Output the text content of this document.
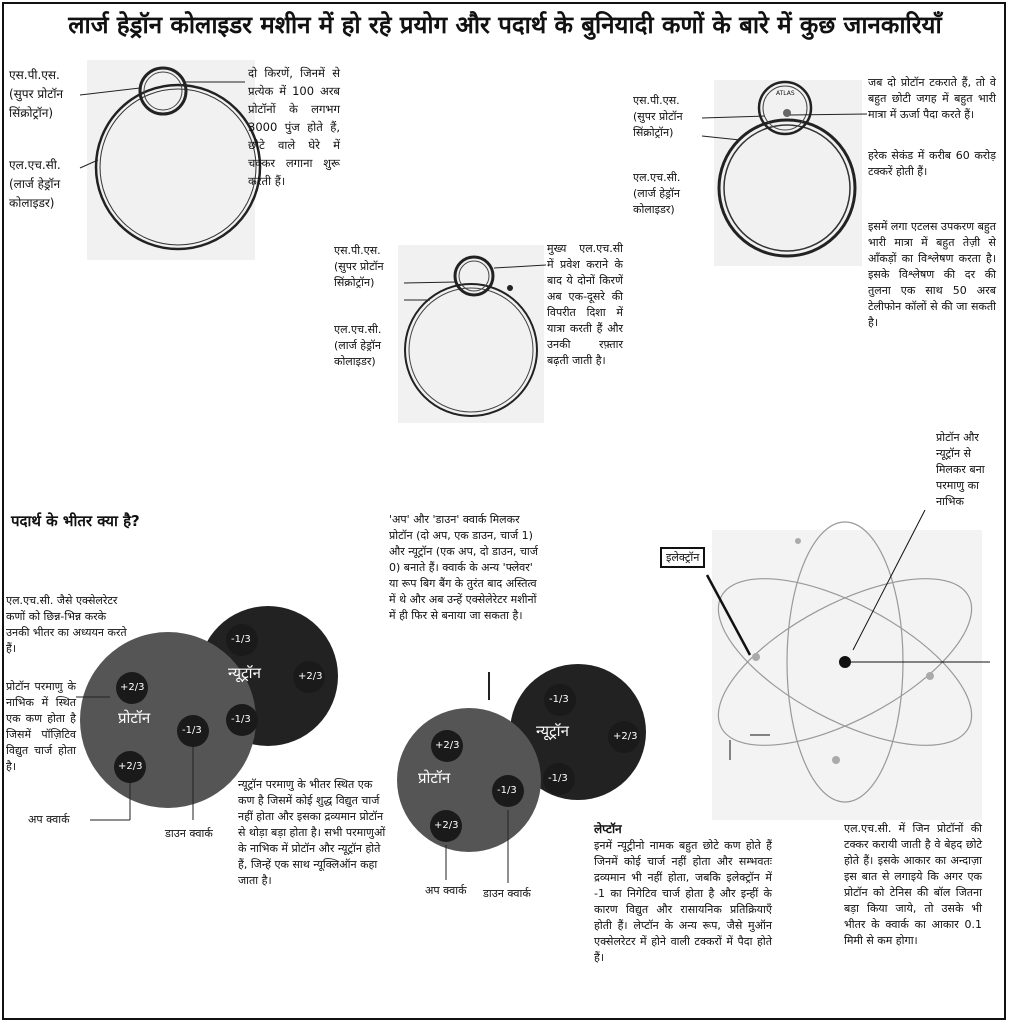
लार्ज हेड्रॉन कोलाइडर मशीन में हो रहे प्रयोग और पदार्थ के बुनियादी कणों के बारे में कुछ जानकारियाँ
एस.पी.एस.
(सुपर प्रोटॉन
सिंक्रोट्रॉन)
एल.एच.सी.
(लार्ज हेड्रॉन
कोलाइडर)
दो किरणें, जिनमें से प्रत्येक में 100 अरब प्रोटॉनों के लगभग 3000 पुंज होते हैं, छोटे वाले घेरे में चक्कर लगाना शुरू करती हैं।
एस.पी.एस.
(सुपर प्रोटॉन
सिंक्रोट्रॉन)
एल.एच.सी.
(लार्ज हेड्रॉन
कोलाइडर)
मुख्य एल.एच.सी में प्रवेश कराने के बाद ये दोनों किरणें अब एक-दूसरे की विपरीत दिशा में यात्रा करती हैं और उनकी रफ़्तार बढ़ती जाती है।
ATLAS
एस.पी.एस.
(सुपर प्रोटॉन
सिंक्रोट्रॉन)
एल.एच.सी.
(लार्ज हेड्रॉन
कोलाइडर)
जब दो प्रोटॉन टकराते हैं, तो वे बहुत छोटी जगह में बहुत भारी मात्रा में ऊर्जा पैदा करते हैं।
हरेक सेकंड में करीब 60 करोड़ टक्करें होती हैं।
इसमें लगा एटलस उपकरण बहुत भारी मात्रा में बहुत तेज़ी से आँकड़ों का विश्लेषण करता है। इसके विश्लेषण की दर की तुलना एक साथ 50 अरब टेलीफोन कॉलों से की जा सकती है।
पदार्थ के भीतर क्या है?
एल.एच.सी. जैसे एक्सेलरेटर कणों को छिन्न-भिन्न करके उनकी भीतर का अध्ययन करते हैं।
प्रोटॉन परमाणु के नाभिक में स्थित एक कण होता है जिसमें पॉज़िटिव विद्युत चार्ज होता है।
न्यूट्रॉन परमाणु के भीतर स्थित एक कण है जिसमें कोई शुद्ध विद्युत चार्ज नहीं होता और इसका द्रव्यमान प्रोटॉन से थोड़ा बड़ा होता है। सभी परमाणुओं के नाभिक में प्रोटॉन और न्यूट्रॉन होते हैं, जिन्हें एक साथ न्यूक्लिऑन कहा जाता है।
न्यूट्रॉन
प्रोटॉन
-1/3
-1/3
+2/3
+2/3
+2/3
-1/3
अप क्वार्क
डाउन क्वार्क
'अप' और 'डाउन' क्वार्क मिलकर प्रोटॉन (दो अप, एक डाउन, चार्ज 1) और न्यूट्रॉन (एक अप, दो डाउन, चार्ज 0) बनाते हैं। क्वार्क के अन्य 'फ्लेवर' या रूप बिग बैंग के तुरंत बाद अस्तित्व में थे और अब उन्हें एक्सेलेरेटर मशीनों में ही फिर से बनाया जा सकता है।
न्यूट्रॉन
प्रोटॉन
-1/3
-1/3
+2/3
+2/3
+2/3
-1/3
अप क्वार्क डाउन क्वार्क
लेप्टॉन
इनमें न्यूट्रीनो नामक बहुत छोटे कण होते हैं जिनमें कोई चार्ज नहीं होता और सम्भवतः द्रव्यमान भी नहीं होता, जबकि इलेक्ट्रॉन में -1 का निगेटिव चार्ज होता है और इन्हीं के कारण विद्युत और रासायनिक प्रतिक्रियाएँ होती हैं। लेप्टॉन के अन्य रूप, जैसे मुऑन एक्सेलरेटर में होने वाली टक्करों में पैदा होते हैं।
प्रोटॉन और न्यूट्रॉन से मिलकर बना परमाणु का नाभिक
इलेक्ट्रॉन
एल.एच.सी. में जिन प्रोटॉनों की टक्कर करायी जाती है वे बेहद छोटे होते हैं। इसके आकार का अन्दाज़ा इस बात से लगाइये कि अगर एक प्रोटॉन को टेनिस की बॉल जितना बड़ा किया जाये, तो उसके भी भीतर के क्वार्क का आकार 0.1 मिमी से कम होगा।
